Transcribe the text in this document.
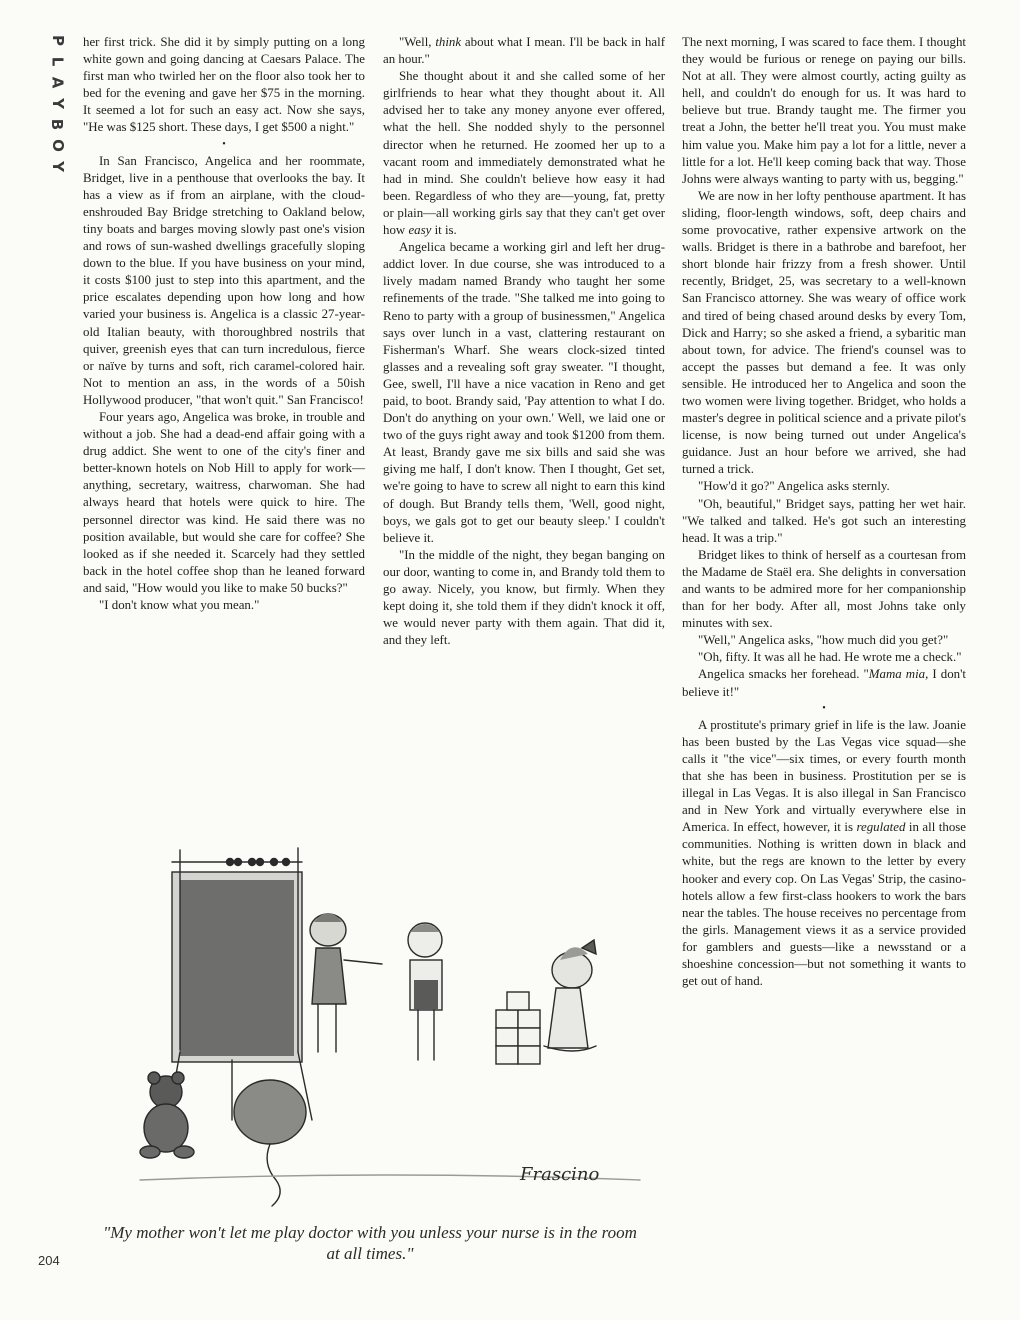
P
L
A
Y
B
O
Y

her first trick. She did it by simply putting on a long white gown and going dancing at Caesars Palace. The first man who twirled her on the floor also took her to bed for the evening and gave her $75 in the morning. It seemed a lot for such an easy act. Now she says, "He was $125 short. These days, I get $500 a night."

•

In San Francisco, Angelica and her roommate, Bridget, live in a penthouse that overlooks the bay. It has a view as if from an airplane, with the cloud-enshrouded Bay Bridge stretching to Oakland below, tiny boats and barges moving slowly past one's vision and rows of sun-washed dwellings gracefully sloping down to the blue. If you have business on your mind, it costs $100 just to step into this apartment, and the price escalates depending upon how long and how varied your business is. Angelica is a classic 27-year-old Italian beauty, with thoroughbred nostrils that quiver, greenish eyes that can turn incredulous, fierce or naïve by turns and soft, rich caramel-colored hair. Not to mention an ass, in the words of a 50ish Hollywood producer, "that won't quit." San Francisco!

Four years ago, Angelica was broke, in trouble and without a job. She had a dead-end affair going with a drug addict. She went to one of the city's finer and better-known hotels on Nob Hill to apply for work—anything, secretary, waitress, charwoman. She had always heard that hotels were quick to hire. The personnel director was kind. He said there was no position available, but would she care for coffee? She looked as if she needed it. Scarcely had they settled back in the hotel coffee shop than he leaned forward and said, "How would you like to make 50 bucks?"

"I don't know what you mean."

"Well, think about what I mean. I'll be back in half an hour."

She thought about it and she called some of her girlfriends to hear what they thought about it. All advised her to take any money anyone ever offered, what the hell. She nodded shyly to the personnel director when he returned. He zoomed her up to a vacant room and immediately demonstrated what he had in mind. She couldn't believe how easy it had been. Regardless of who they are—young, fat, pretty or plain—all working girls say that they can't get over how easy it is.

Angelica became a working girl and left her drug-addict lover. In due course, she was introduced to a lively madam named Brandy who taught her some refinements of the trade. "She talked me into going to Reno to party with a group of businessmen," Angelica says over lunch in a vast, clattering restaurant on Fisherman's Wharf. She wears clock-sized tinted glasses and a revealing soft gray sweater. "I thought, Gee, swell, I'll have a nice vacation in Reno and get paid, to boot. Brandy said, 'Pay attention to what I do. Don't do anything on your own.' Well, we laid one or two of the guys right away and took $1200 from them. At least, Brandy gave me six bills and said she was giving me half, I don't know. Then I thought, Get set, we're going to have to screw all night to earn this kind of dough. But Brandy tells them, 'Well, good night, boys, we gals got to get our beauty sleep.' I couldn't believe it.

"In the middle of the night, they began banging on our door, wanting to come in, and Brandy told them to go away. Nicely, you know, but firmly. When they kept doing it, she told them if they didn't knock it off, we would never party with them again. That did it, and they left.

The next morning, I was scared to face them. I thought they would be furious or renege on paying our bills. Not at all. They were almost courtly, acting guilty as hell, and couldn't do enough for us. It was hard to believe but true. Brandy taught me. The firmer you treat a John, the better he'll treat you. You must make him value you. Make him pay a lot for a little, never a little for a lot. He'll keep coming back that way. Those Johns were always wanting to party with us, begging."

We are now in her lofty penthouse apartment. It has sliding, floor-length windows, soft, deep chairs and some provocative, rather expensive artwork on the walls. Bridget is there in a bathrobe and barefoot, her short blonde hair frizzy from a fresh shower. Until recently, Bridget, 25, was secretary to a well-known San Francisco attorney. She was weary of office work and tired of being chased around desks by every Tom, Dick and Harry; so she asked a friend, a sybaritic man about town, for advice. The friend's counsel was to accept the passes but demand a fee. It was only sensible. He introduced her to Angelica and soon the two women were living together. Bridget, who holds a master's degree in political science and a private pilot's license, is now being turned out under Angelica's guidance. Just an hour before we arrived, she had turned a trick.

"How'd it go?" Angelica asks sternly.

"Oh, beautiful," Bridget says, patting her wet hair. "We talked and talked. He's got such an interesting head. It was a trip."

Bridget likes to think of herself as a courtesan from the Madame de Staël era. She delights in conversation and wants to be admired more for her companionship than for her body. After all, most Johns take only minutes with sex.

"Well," Angelica asks, "how much did you get?"

"Oh, fifty. It was all he had. He wrote me a check."

Angelica smacks her forehead. "Mama mia, I don't believe it!"

•

A prostitute's primary grief in life is the law. Joanie has been busted by the Las Vegas vice squad—she calls it "the vice"—six times, or every fourth month that she has been in business. Prostitution per se is illegal in Las Vegas. It is also illegal in San Francisco and in New York and virtually everywhere else in America. In effect, however, it is regulated in all those communities. Nothing is written down in black and white, but the regs are known to the letter by every hooker and every cop. On Las Vegas' Strip, the casino-hotels allow a few first-class hookers to work the bars near the tables. The house receives no percentage from the girls. Management views it as a service provided for gamblers and guests—like a newsstand or a shoeshine concession—but not something it wants to get out of hand.

Frascino
"My mother won't let me play doctor with you unless your nurse is in the room at all times."
204
